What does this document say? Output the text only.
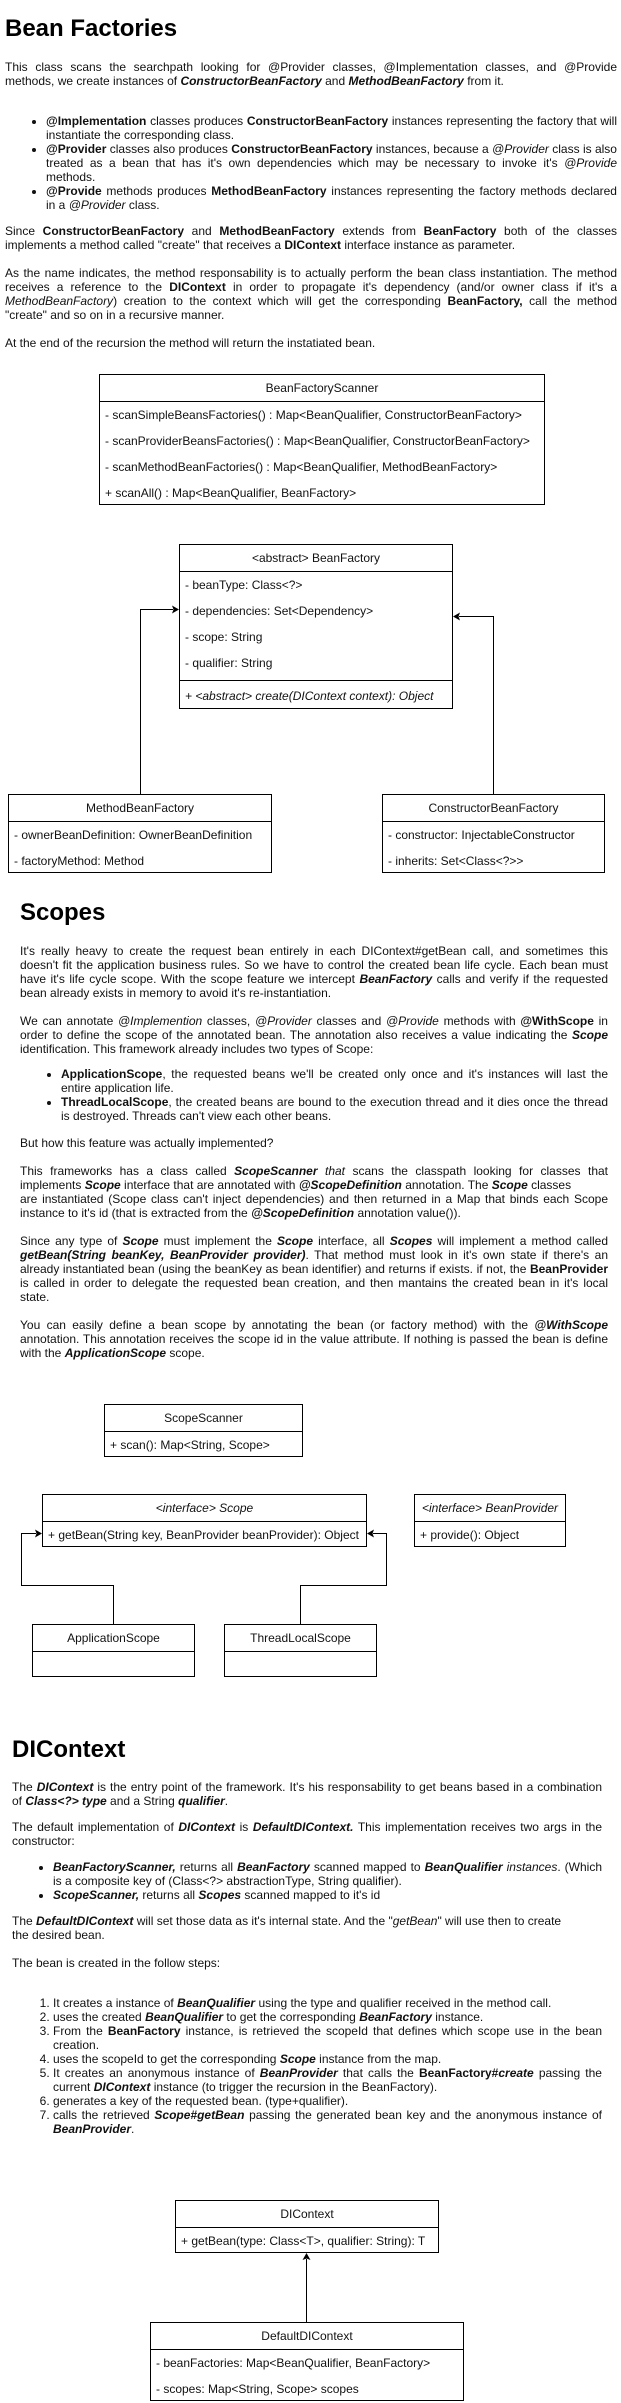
Bean Factories

This class scans the searchpath looking for @Provider classes, @Implementation classes, and @Provide methods, we create instances of ConstructorBeanFactory and MethodBeanFactory from it.

• @Implementation classes produces ConstructorBeanFactory instances representing the factory that will instantiate the corresponding class.
• @Provider classes also produces ConstructorBeanFactory instances, because a @Provider class is also treated as a bean that has it's own dependencies which may be necessary to invoke it's @Provide methods.
• @Provide methods produces MethodBeanFactory instances representing the factory methods declared in a @Provider class.

Since ConstructorBeanFactory and MethodBeanFactory extends from BeanFactory both of the classes implements a method called "create" that receives a DIContext interface instance as parameter.

As the name indicates, the method responsability is to actually perform the bean class instantiation. The method receives a reference to the DIContext in order to propagate it's dependency (and/or owner class if it's a MethodBeanFactory) creation to the context which will get the corresponding BeanFactory, call the method "create" and so on in a recursive manner.

At the end of the recursion the method will return the instatiated bean.

BeanFactoryScanner
- scanSimpleBeansFactories() : Map<BeanQualifier, ConstructorBeanFactory>
- scanProviderBeansFactories() : Map<BeanQualifier, ConstructorBeanFactory>
- scanMethodBeanFactories() : Map<BeanQualifier, MethodBeanFactory>
+ scanAll() : Map<BeanQualifier, BeanFactory>
<abstract> BeanFactory
- beanType: Class<?>
- dependencies: Set<Dependency>
- scope: String
- qualifier: String
+ <abstract> create(DIContext context): Object
MethodBeanFactory
- ownerBeanDefinition: OwnerBeanDefinition
- factoryMethod: Method
ConstructorBeanFactory
- constructor: InjectableConstructor
- inherits: Set<Class<?>>
Scopes

It's really heavy to create the request bean entirely in each DIContext#getBean call, and sometimes this doesn't fit the application business rules. So we have to control the created bean life cycle. Each bean must have it's life cycle scope. With the scope feature we intercept BeanFactory calls and verify if the requested bean already exists in memory to avoid it's re-instantiation.

We can annotate @Implemention classes, @Provider classes and @Provide methods with @WithScope in order to define the scope of the annotated bean. The annotation also receives a value indicating the Scope identification. This framework already includes two types of Scope:

• ApplicationScope, the requested beans we'll be created only once and it's instances will last the entire application life.
• ThreadLocalScope, the created beans are bound to the execution thread and it dies once the thread is destroyed. Threads can't view each other beans.

But how this feature was actually implemented?

This frameworks has a class called ScopeScanner that scans the classpath looking for classes that implements Scope interface that are annotated with @ScopeDefinition annotation. The Scope classes
are instantiated (Scope class can't inject dependencies) and then returned in a Map that binds each Scope instance to it's id (that is extracted from the @ScopeDefinition annotation value()).

Since any type of Scope must implement the Scope interface, all Scopes will implement a method called getBean(String beanKey, BeanProvider provider). That method must look in it's own state if there's an already instantiated bean (using the beanKey as bean identifier) and returns if exists. if not, the BeanProvider is called in order to delegate the requested bean creation, and then mantains the created bean in it's local state.

You can easily define a bean scope by annotating the bean (or factory method) with the @WithScope annotation. This annotation receives the scope id in the value attribute. If nothing is passed the bean is define with the ApplicationScope scope.

ScopeScanner
+ scan(): Map<String, Scope>
<interface> Scope
+ getBean(String key, BeanProvider beanProvider): Object
<interface> BeanProvider
+ provide(): Object
ApplicationScope	ThreadLocalScope
DIContext

The DIContext is the entry point of the framework. It's his responsability to get beans based in a combination of Class<?> type and a String qualifier.

The default implementation of DIContext is DefaultDIContext. This implementation receives two args in the constructor:

• BeanFactoryScanner, returns all BeanFactory scanned mapped to BeanQualifier instances. (Which is a composite key of (Class<?> abstractionType, String qualifier).
• ScopeScanner, returns all Scopes scanned mapped to it's id

The DefaultDIContext will set those data as it's internal state. And the "getBean" will use then to create
the desired bean.

The bean is created in the follow steps:

1. It creates a instance of BeanQualifier using the type and qualifier received in the method call.
2. uses the created BeanQualifier to get the corresponding BeanFactory instance.
3. From the BeanFactory instance, is retrieved the scopeId that defines which scope use in the bean creation.
4. uses the scopeId to get the corresponding Scope instance from the map.
5. It creates an anonymous instance of BeanProvider that calls the BeanFactory#create passing the current DIContext instance (to trigger the recursion in the BeanFactory).
6. generates a key of the requested bean. (type+qualifier).
7. calls the retrieved Scope#getBean passing the generated bean key and the anonymous instance of BeanProvider.
DIContext
+ getBean(type: Class<T>, qualifier: String): T
DefaultDIContext
- beanFactories: Map<BeanQualifier, BeanFactory>
- scopes: Map<String, Scope> scopes
